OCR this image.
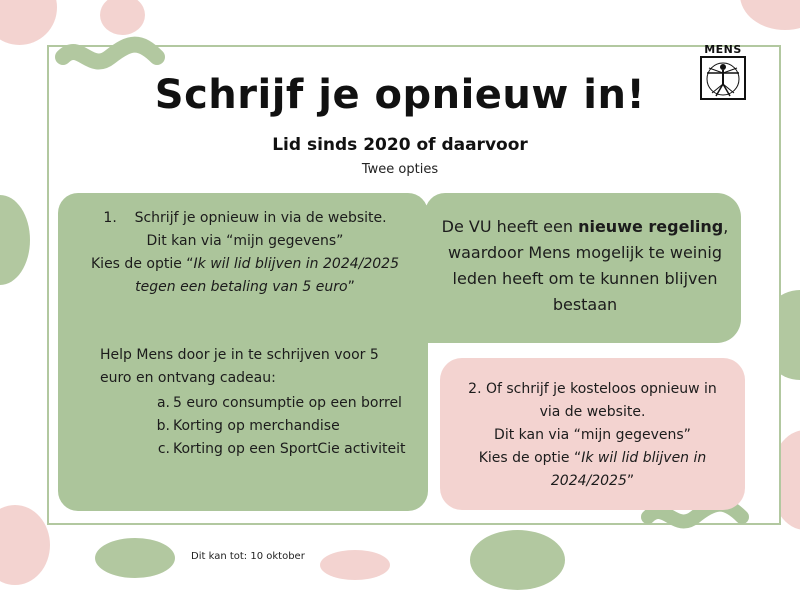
MENS
Schrijf je opnieuw in!
Lid sinds 2020 of daarvoor
Twee opties
1. Schrijf je opnieuw in via de website.
Dit kan via “mijn gegevens”
Kies de optie “Ik wil lid blijven in 2024/2025 tegen een betaling van 5 euro”
Help Mens door je in te schrijven voor 5 euro en ontvang cadeau:
a. 5 euro consumptie op een borrel
b. Korting op merchandise
c. Korting op een SportCie activiteit
De VU heeft een nieuwe regeling, waardoor Mens mogelijk te weinig leden heeft om te kunnen blijven bestaan
2. Of schrijf je kosteloos opnieuw in via de website.
Dit kan via “mijn gegevens”
Kies de optie “Ik wil lid blijven in 2024/2025”
Dit kan tot: 10 oktober
